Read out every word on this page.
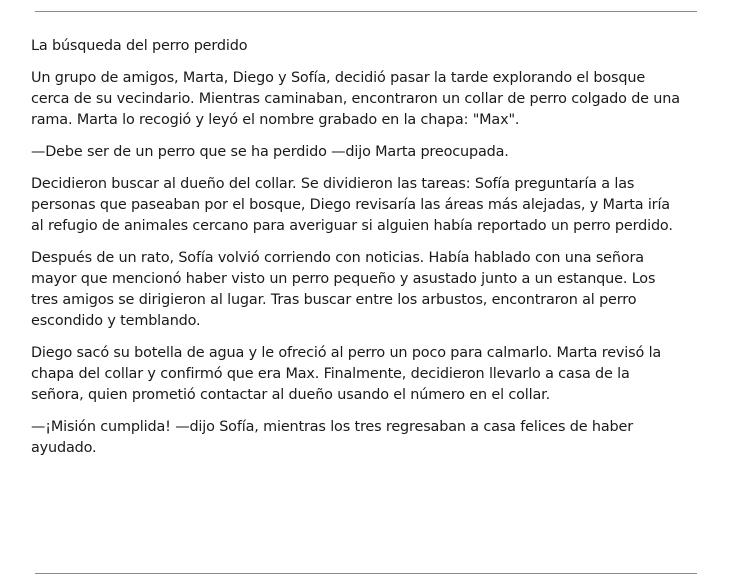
La búsqueda del perro perdido

Un grupo de amigos, Marta, Diego y Sofía, decidió pasar la tarde explorando el bosque cerca de su vecindario. Mientras caminaban, encontraron un collar de perro colgado de una rama. Marta lo recogió y leyó el nombre grabado en la chapa: "Max".

—Debe ser de un perro que se ha perdido —dijo Marta preocupada.

Decidieron buscar al dueño del collar. Se dividieron las tareas: Sofía preguntaría a las personas que paseaban por el bosque, Diego revisaría las áreas más alejadas, y Marta iría al refugio de animales cercano para averiguar si alguien había reportado un perro perdido.

Después de un rato, Sofía volvió corriendo con noticias. Había hablado con una señora mayor que mencionó haber visto un perro pequeño y asustado junto a un estanque. Los tres amigos se dirigieron al lugar. Tras buscar entre los arbustos, encontraron al perro escondido y temblando.

Diego sacó su botella de agua y le ofreció al perro un poco para calmarlo. Marta revisó la chapa del collar y confirmó que era Max. Finalmente, decidieron llevarlo a casa de la señora, quien prometió contactar al dueño usando el número en el collar.

—¡Misión cumplida! —dijo Sofía, mientras los tres regresaban a casa felices de haber ayudado.
